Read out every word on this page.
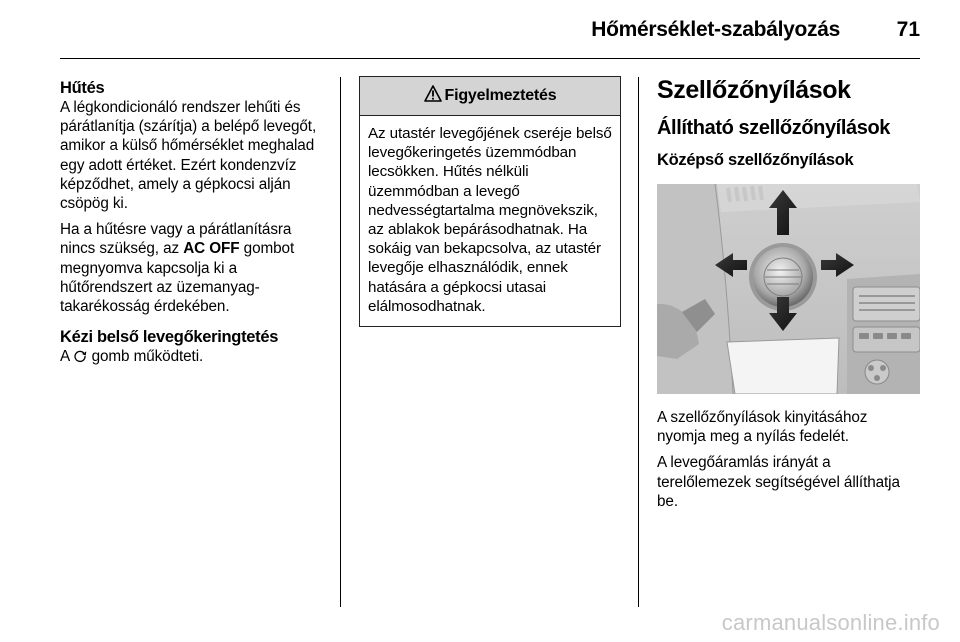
Hőmérséklet-szabályozás	71
Hűtés

A légkondicionáló rendszer lehűti és párátlanítja (szárítja) a belépő levegőt, amikor a külső hőmérséklet meghalad egy adott értéket. Ezért kondenzvíz képződhet, amely a gépkocsi alján csöpög ki.

Ha a hűtésre vagy a párátlanításra nincs szükség, az AC OFF gombot megnyomva kapcsolja ki a hűtőrendszert az üzemanyag-takarékosság érdekében.

Kézi belső levegőkeringtetés

A  gomb működteti.

Figyelmeztetés
Az utastér levegőjének cseréje belső levegőkeringetés üzemmódban lecsökken. Hűtés nélküli üzemmódban a levegő nedvességtartalma megnövekszik, az ablakok bepárásodhatnak. Ha sokáig van bekapcsolva, az utastér levegője elhasználódik, ennek hatására a gépkocsi utasai elálmosodhatnak.
Szellőzőnyílások
Állítható szellőzőnyílások
Középső szellőzőnyílások

A szellőzőnyílások kinyitásához nyomja meg a nyílás fedelét.

A levegőáramlás irányát a terelőlemezek segítségével állíthatja be.

carmanualsonline.info
